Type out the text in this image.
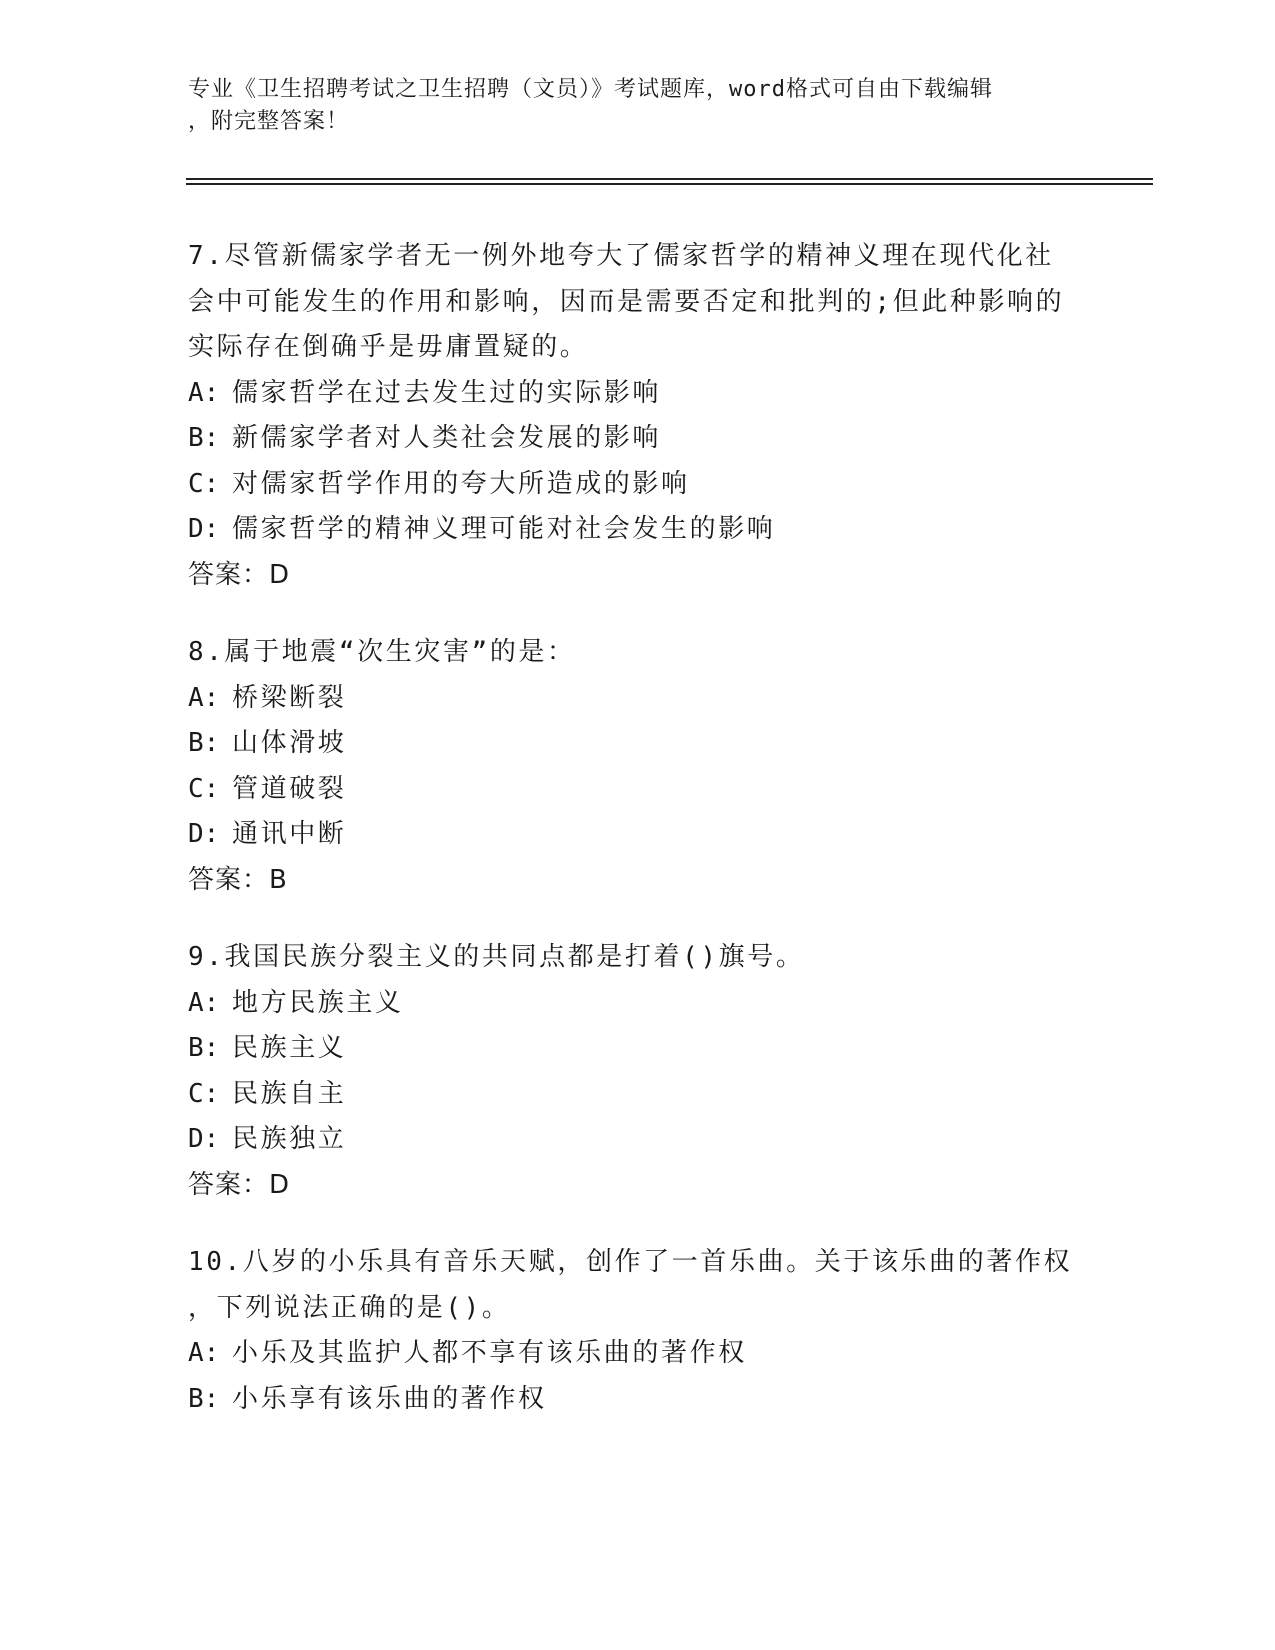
专业《卫生招聘考试之卫生招聘（文员）》考试题库，word格式可自由下载编辑
，附完整答案！
7.尽管新儒家学者无一例外地夸大了儒家哲学的精神义理在现代化社
会中可能发生的作用和影响，因而是需要否定和批判的;但此种影响的
实际存在倒确乎是毋庸置疑的。
A: 儒家哲学在过去发生过的实际影响
B: 新儒家学者对人类社会发展的影响
C: 对儒家哲学作用的夸大所造成的影响
D: 儒家哲学的精神义理可能对社会发生的影响
答案：D
8.属于地震“次生灾害”的是：
A: 桥梁断裂
B: 山体滑坡
C: 管道破裂
D: 通讯中断
答案：B
9.我国民族分裂主义的共同点都是打着()旗号。
A: 地方民族主义
B: 民族主义
C: 民族自主
D: 民族独立
答案：D
10.八岁的小乐具有音乐天赋，创作了一首乐曲。关于该乐曲的著作权
，下列说法正确的是()。
A: 小乐及其监护人都不享有该乐曲的著作权
B: 小乐享有该乐曲的著作权
